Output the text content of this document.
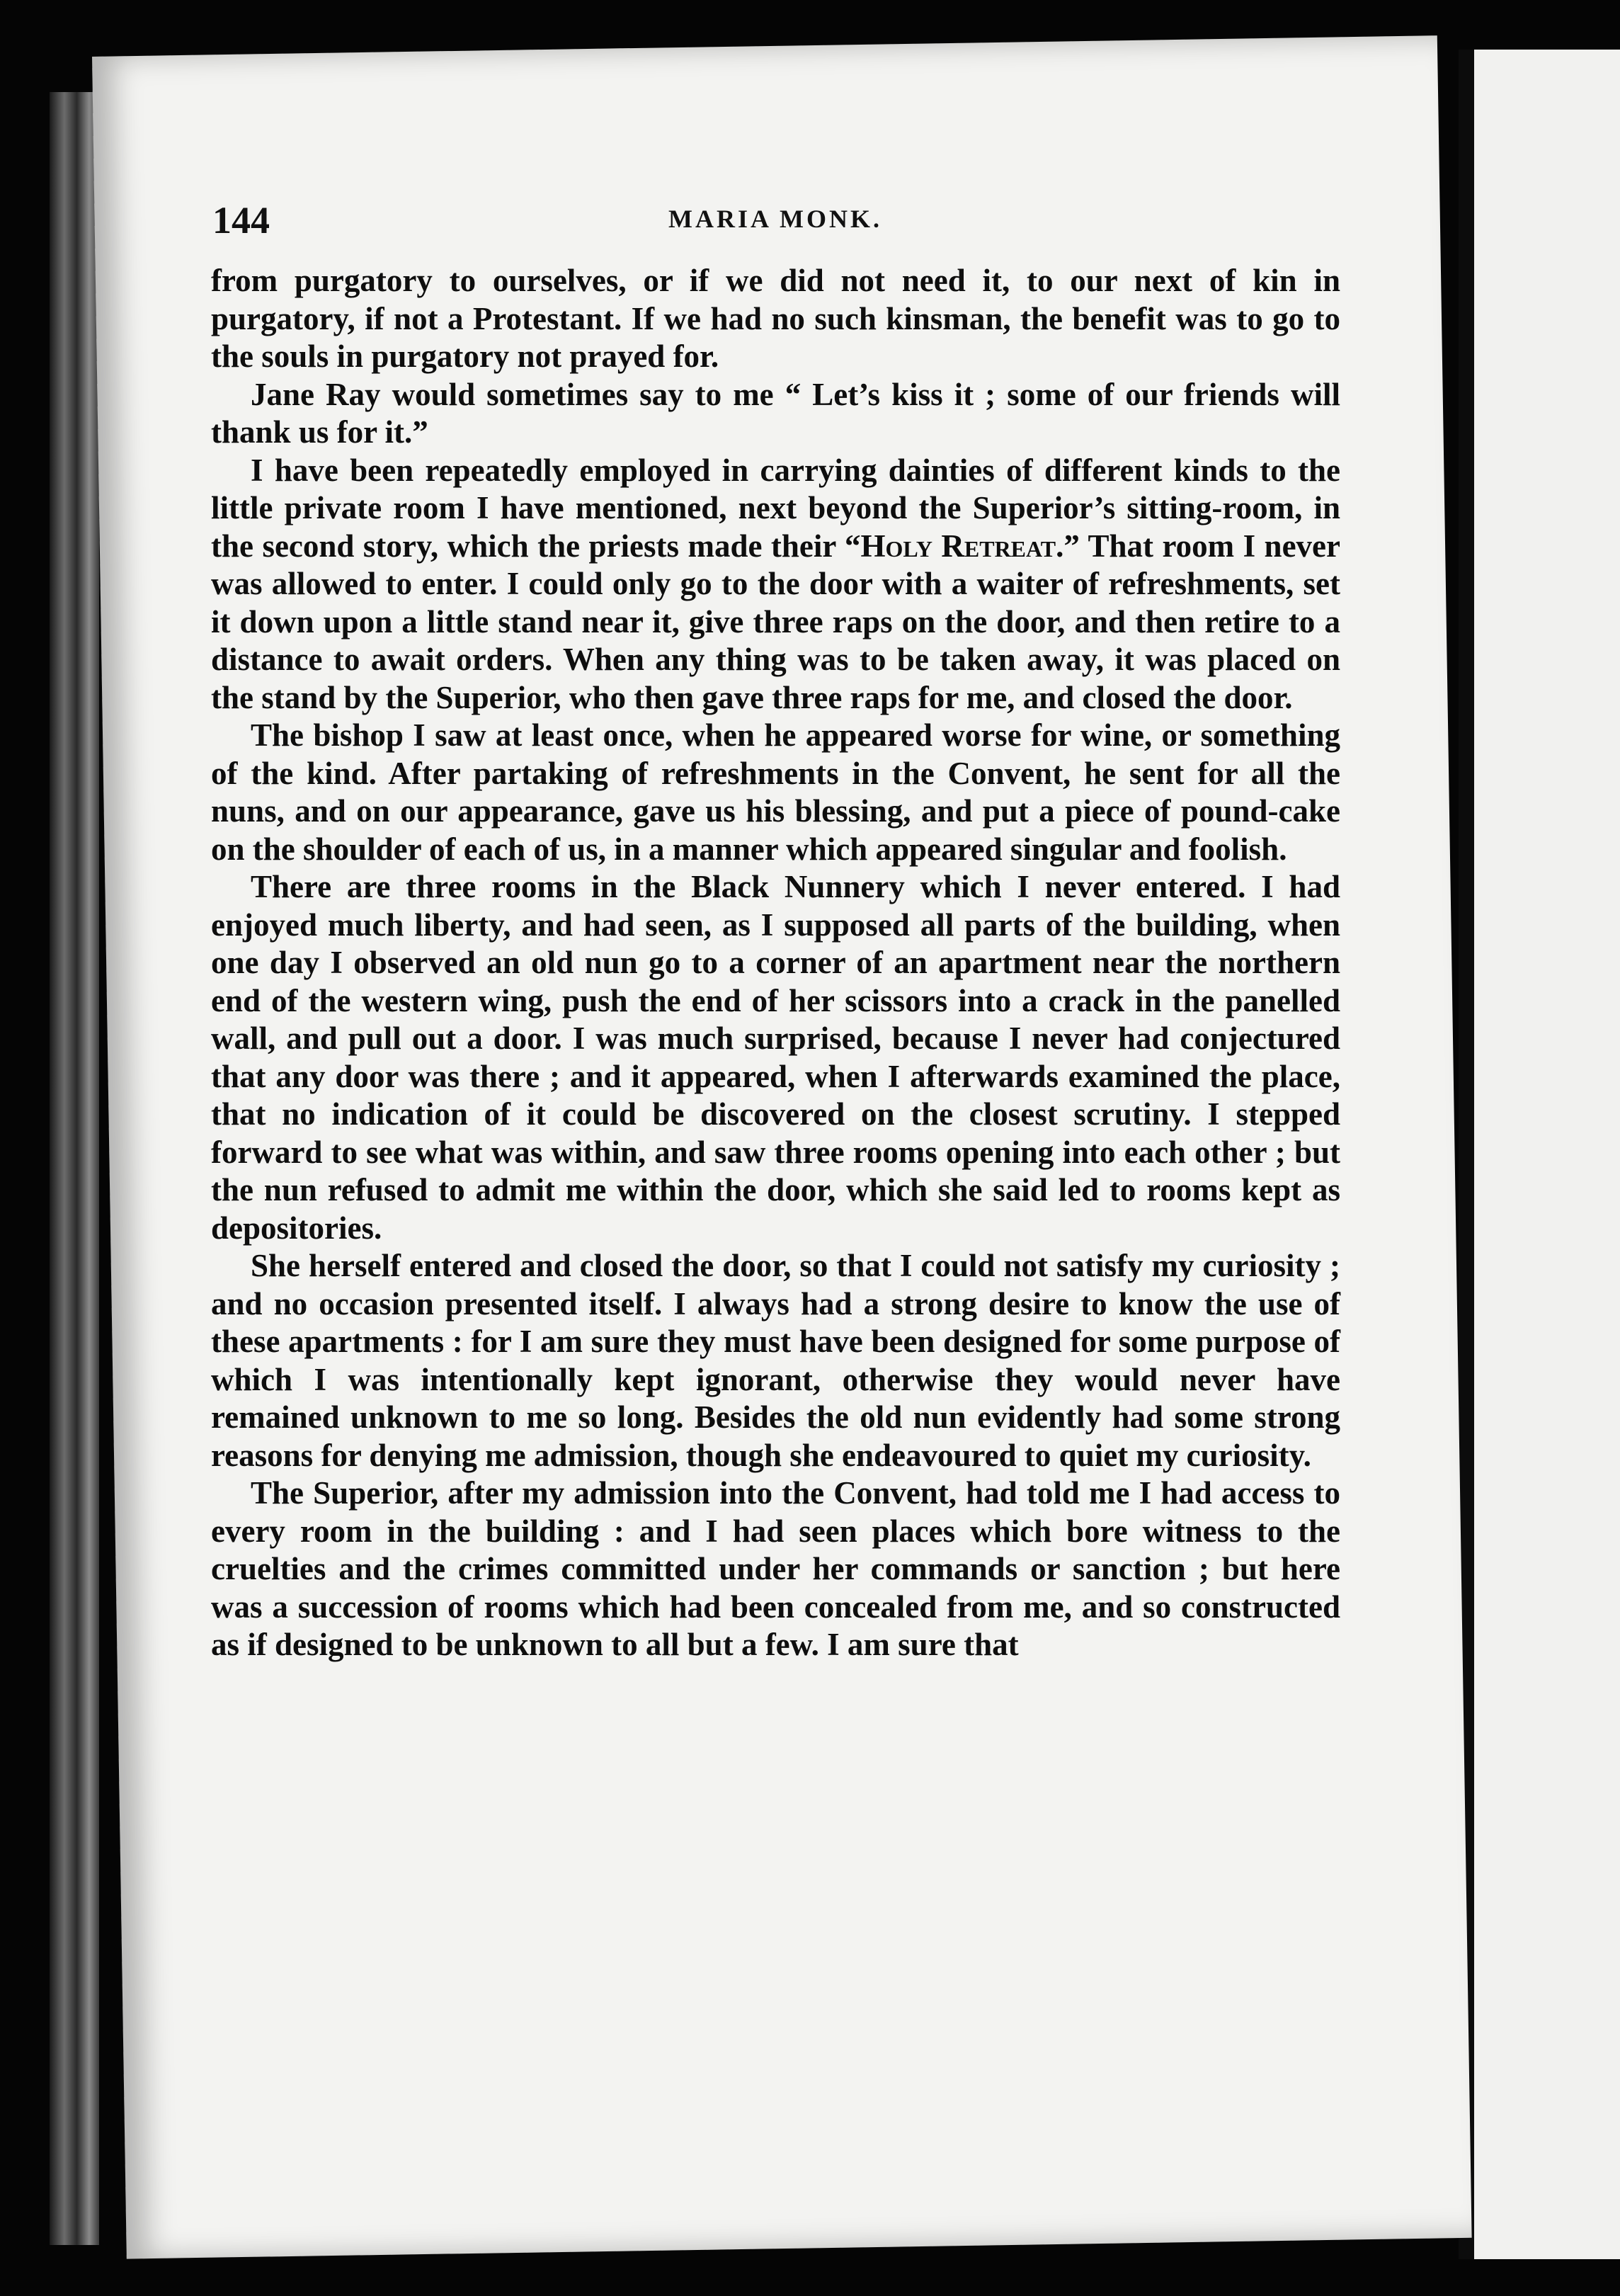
144	MARIA MONK.

from purgatory to ourselves, or if we did not need it, to our next of kin in purgatory, if not a Protestant. If we had no such kinsman, the benefit was to go to the souls in purgatory not prayed for.

Jane Ray would sometimes say to me “ Let’s kiss it ; some of our friends will thank us for it.”

I have been repeatedly employed in carrying dainties of different kinds to the little private room I have mentioned, next beyond the Superior’s sitting-room, in the second story, which the priests made their “Holy Retreat.” That room I never was allowed to enter. I could only go to the door with a waiter of refreshments, set it down upon a little stand near it, give three raps on the door, and then retire to a distance to await orders. When any thing was to be taken away, it was placed on the stand by the Superior, who then gave three raps for me, and closed the door.

The bishop I saw at least once, when he appeared worse for wine, or something of the kind. After partaking of refreshments in the Convent, he sent for all the nuns, and on our appearance, gave us his blessing, and put a piece of pound-cake on the shoulder of each of us, in a manner which appeared singular and foolish.

There are three rooms in the Black Nunnery which I never entered. I had enjoyed much liberty, and had seen, as I supposed all parts of the building, when one day I observed an old nun go to a corner of an apartment near the northern end of the western wing, push the end of her scissors into a crack in the panelled wall, and pull out a door. I was much surprised, because I never had conjectured that any door was there ; and it appeared, when I afterwards examined the place, that no indication of it could be discovered on the closest scrutiny. I stepped forward to see what was within, and saw three rooms opening into each other ; but the nun refused to admit me within the door, which she said led to rooms kept as depositories.

She herself entered and closed the door, so that I could not satisfy my curiosity ; and no occasion presented itself. I always had a strong desire to know the use of these apartments : for I am sure they must have been designed for some purpose of which I was intentionally kept ignorant, otherwise they would never have remained unknown to me so long. Besides the old nun evidently had some strong reasons for denying me admission, though she endeavoured to quiet my curiosity.

The Superior, after my admission into the Convent, had told me I had access to every room in the building : and I had seen places which bore witness to the cruelties and the crimes committed under her commands or sanction ; but here was a succession of rooms which had been concealed from me, and so constructed as if designed to be unknown to all but a few. I am sure that
